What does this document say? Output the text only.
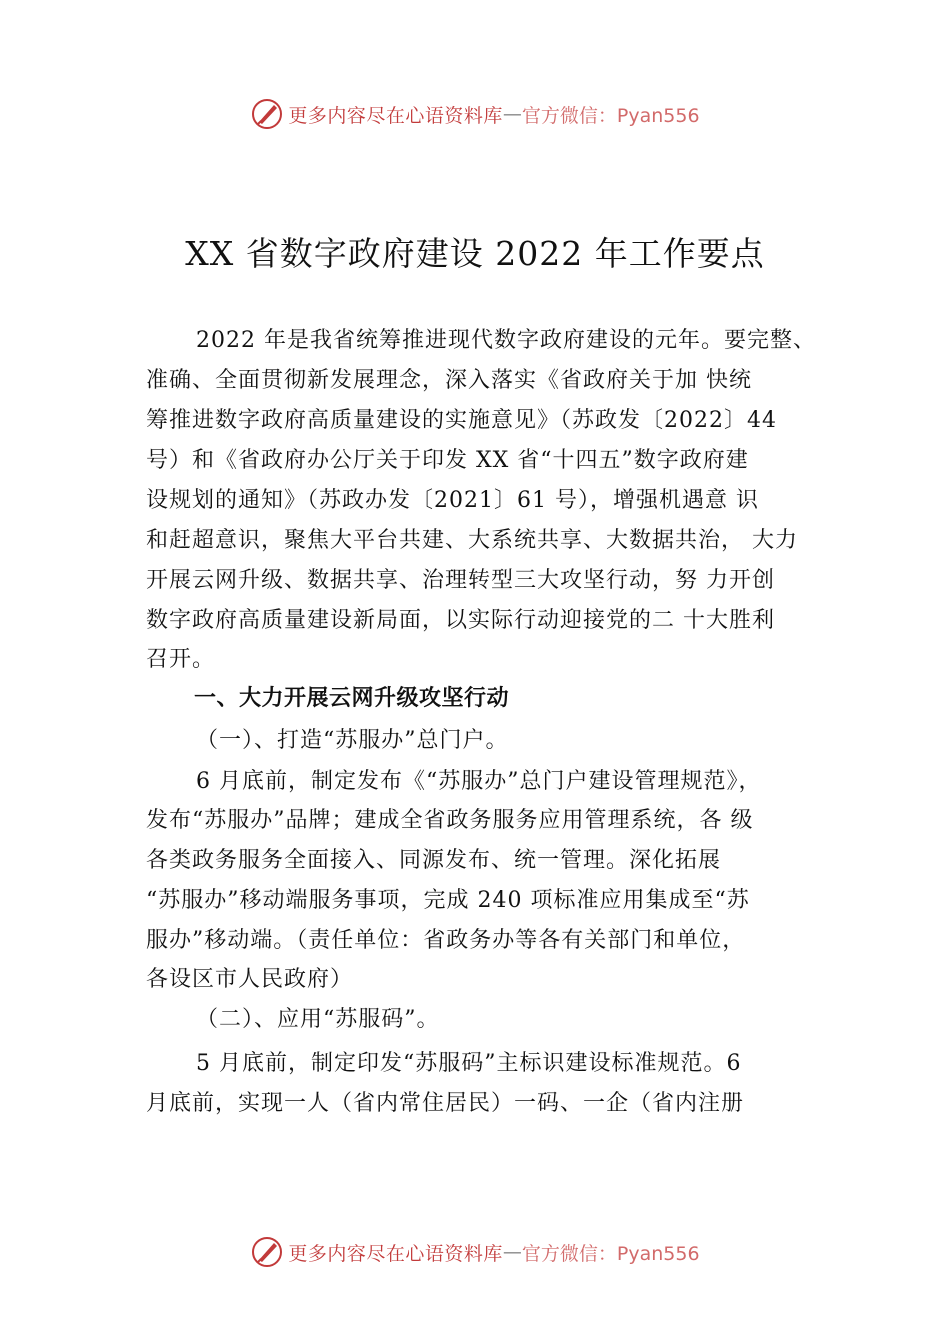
更多内容尽在心语资料库 — 官方微信：Pyan556
XX 省数字政府建设 2022 年工作要点
2022 年是我省统筹推进现代数字政府建设的元年。要完整、
准确、全面贯彻新发展理念，深入落实《省政府关于加 快统
筹推进数字政府高质量建设的实施意见》（苏政发〔2022〕44
号）和《省政府办公厅关于印发 XX 省“十四五”数字政府建
设规划的通知》（苏政办发〔2021〕61 号），增强机遇意 识
和赶超意识，聚焦大平台共建、大系统共享、大数据共治， 大力
开展云网升级、数据共享、治理转型三大攻坚行动，努 力开创
数字政府高质量建设新局面，以实际行动迎接党的二 十大胜利
召开。
一、大力开展云网升级攻坚行动
（一）、打造“苏服办”总门户。
6 月底前，制定发布《“苏服办”总门户建设管理规范》，
发布“苏服办”品牌；建成全省政务服务应用管理系统，各 级
各类政务服务全面接入、同源发布、统一管理。深化拓展
“苏服办”移动端服务事项，完成 240 项标准应用集成至“苏
服办”移动端。（责任单位：省政务办等各有关部门和单位，
各设区市人民政府）
（二）、应用“苏服码”。
5 月底前，制定印发“苏服码”主标识建设标准规范。6
月底前，实现一人（省内常住居民）一码、一企（省内注册
更多内容尽在心语资料库 — 官方微信：Pyan556
